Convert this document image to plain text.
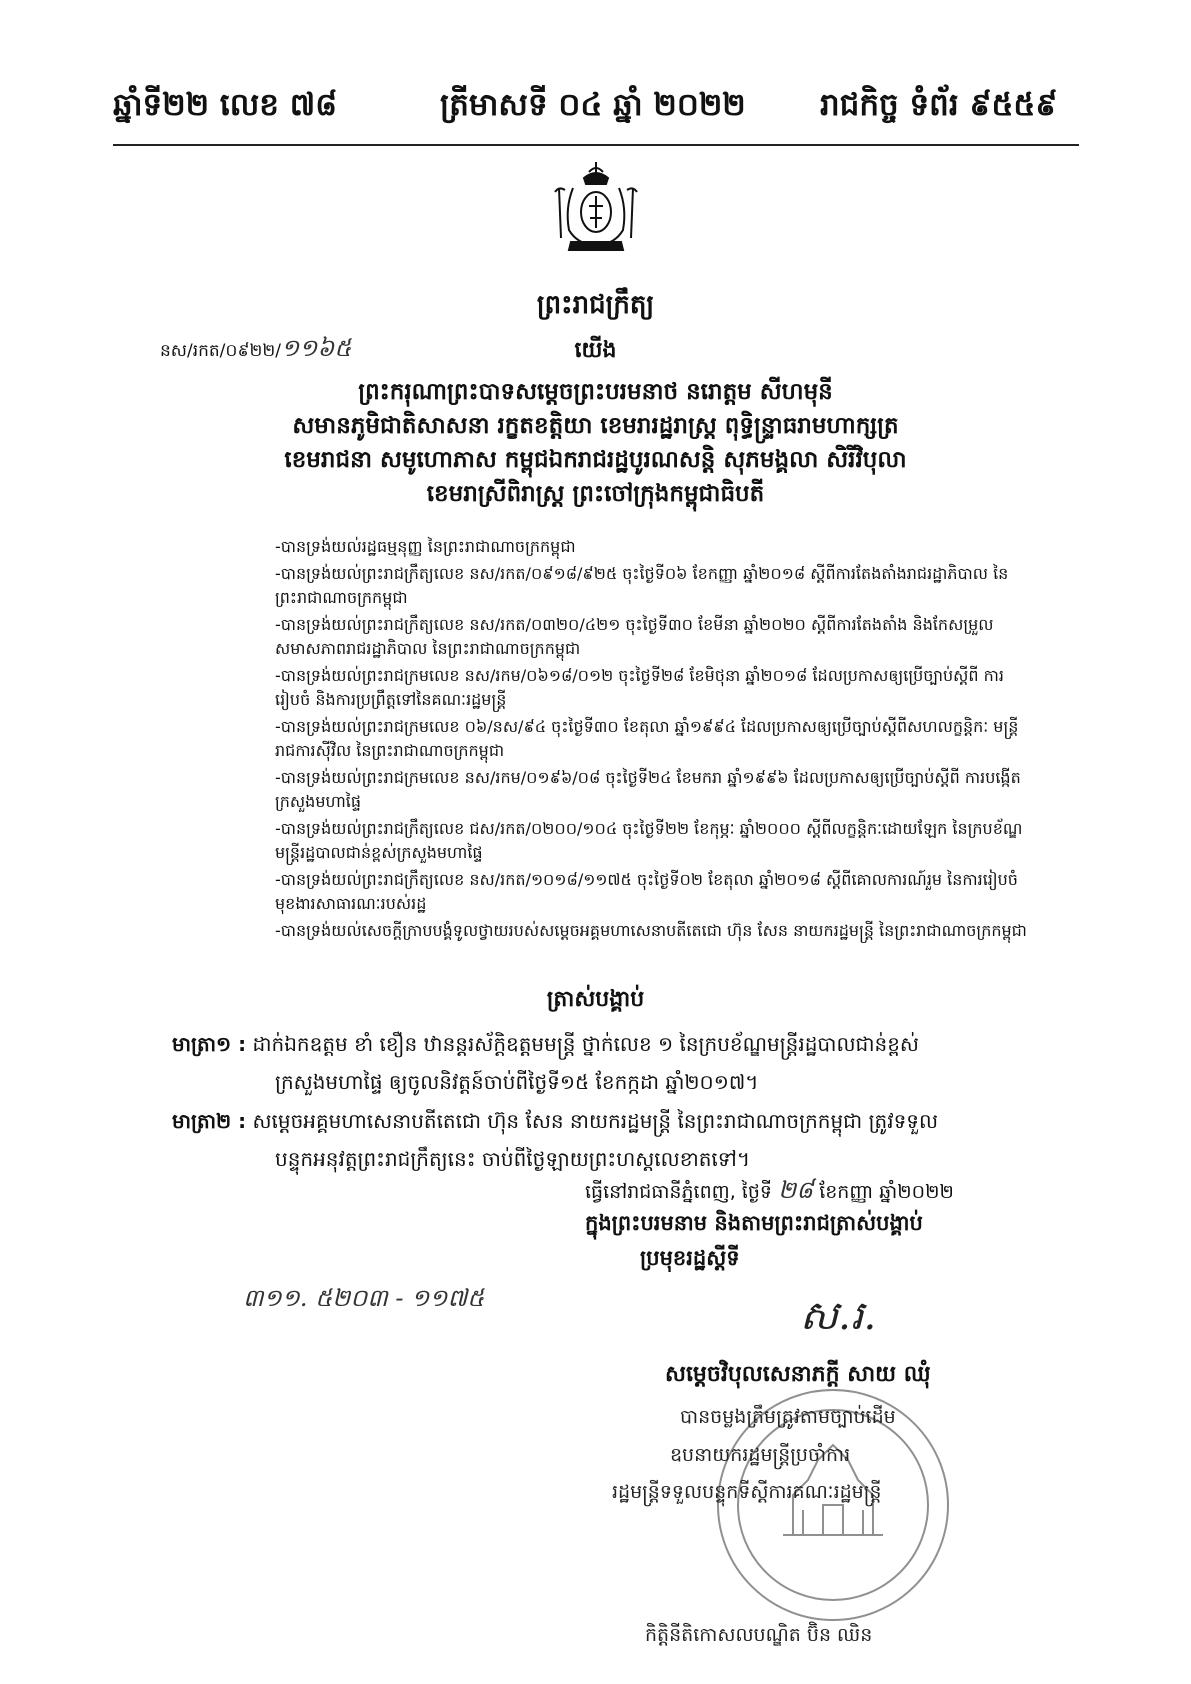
ឆ្នាំទី២២ លេខ ៧៨	ត្រីមាសទី ០៤ ឆ្នាំ ២០២២ រាជកិច្ច ទំព័រ ៩៥៥៩
ព្រះរាជក្រឹត្យ
នស/រកត/០៩២២/១១៦៥	យើង
ព្រះករុណាព្រះបាទសម្តេចព្រះបរមនាថ នរោត្តម សីហមុនី
សមានភូមិជាតិសាសនា រក្ខតខត្តិយា ខេមរារដ្ឋរាស្ត្រ ពុទ្ធិន្ទ្រាធរាមហាក្សត្រ
ខេមរាជនា សមូហោភាស កម្ពុជឯករាជរដ្ឋបូរណសន្តិ សុភមង្គលា សិរីវិបុលា
ខេមរាស្រីពិរាស្ត្រ ព្រះចៅក្រុងកម្ពុជាធិបតី
-បានទ្រង់យល់រដ្ឋធម្មនុញ្ញ នៃព្រះរាជាណាចក្រកម្ពុជា
-បានទ្រង់យល់ព្រះរាជក្រឹត្យលេខ នស/រកត/០៩១៨/៩២៥ ចុះថ្ងៃទី០៦ ខែកញ្ញា ឆ្នាំ២០១៨ ស្តីពីការតែងតាំងរាជរដ្ឋាភិបាល នៃព្រះរាជាណាចក្រកម្ពុជា
-បានទ្រង់យល់ព្រះរាជក្រឹត្យលេខ នស/រកត/០៣២០/៤២១ ចុះថ្ងៃទី៣០ ខែមីនា ឆ្នាំ២០២០ ស្តីពីការតែងតាំង និងកែសម្រួល សមាសភាពរាជរដ្ឋាភិបាល នៃព្រះរាជាណាចក្រកម្ពុជា
-បានទ្រង់យល់ព្រះរាជក្រមលេខ នស/រកម/០៦១៨/០១២ ចុះថ្ងៃទី២៨ ខែមិថុនា ឆ្នាំ២០១៨ ដែលប្រកាសឲ្យប្រើច្បាប់ស្តីពី ការរៀបចំ និងការប្រព្រឹត្តទៅនៃគណៈរដ្ឋមន្ត្រី
-បានទ្រង់យល់ព្រះរាជក្រមលេខ ០៦/នស/៩៤ ចុះថ្ងៃទី៣០ ខែតុលា ឆ្នាំ១៩៩៤ ដែលប្រកាសឲ្យប្រើច្បាប់ស្តីពីសហលក្ខន្តិកៈ មន្ត្រីរាជការស៊ីវិល នៃព្រះរាជាណាចក្រកម្ពុជា
-បានទ្រង់យល់ព្រះរាជក្រមលេខ នស/រកម/០១៩៦/០៨ ចុះថ្ងៃទី២៤ ខែមករា ឆ្នាំ១៩៩៦ ដែលប្រកាសឲ្យប្រើច្បាប់ស្តីពី ការបង្កើតក្រសួងមហាផ្ទៃ
-បានទ្រង់យល់ព្រះរាជក្រឹត្យលេខ ជស/រកត/០២០០/១០៤ ចុះថ្ងៃទី២២ ខែកុម្ភៈ ឆ្នាំ២០០០ ស្តីពីលក្ខន្តិកៈដោយឡែក នៃក្របខ័ណ្ឌ មន្ត្រីរដ្ឋបាលជាន់ខ្ពស់ក្រសួងមហាផ្ទៃ
-បានទ្រង់យល់ព្រះរាជក្រឹត្យលេខ នស/រកត/១០១៨/១១៧៥ ចុះថ្ងៃទី០២ ខែតុលា ឆ្នាំ២០១៨ ស្តីពីគោលការណ៍រួម នៃការរៀបចំ មុខងារសាធារណៈរបស់រដ្ឋ
-បានទ្រង់យល់សេចក្តីក្រាបបង្គំទូលថ្វាយរបស់សម្តេចអគ្គមហាសេនាបតីតេជោ ហ៊ុន សែន នាយករដ្ឋមន្ត្រី នៃព្រះរាជាណាចក្រកម្ពុជា
ត្រាស់បង្គាប់
មាត្រា១ : ដាក់ឯកឧត្តម ខាំ ខឿន ឋានន្តរស័ក្តិឧត្តមមន្ត្រី ថ្នាក់លេខ ១ នៃក្របខ័ណ្ឌមន្ត្រីរដ្ឋបាលជាន់ខ្ពស់
ក្រសួងមហាផ្ទៃ ឲ្យចូលនិវត្តន៍ចាប់ពីថ្ងៃទី១៥ ខែកក្កដា ឆ្នាំ២០១៧។
មាត្រា២ : សម្តេចអគ្គមហាសេនាបតីតេជោ ហ៊ុន សែន នាយករដ្ឋមន្ត្រី នៃព្រះរាជាណាចក្រកម្ពុជា ត្រូវទទួល
បន្ទុកអនុវត្តព្រះរាជក្រឹត្យនេះ ចាប់ពីថ្ងៃឡាយព្រះហស្តលេខាតទៅ។
ធ្វើនៅរាជធានីភ្នំពេញ, ថ្ងៃទី ២៨ ខែកញ្ញា ឆ្នាំ២០២២
ក្នុងព្រះបរមនាម និងតាមព្រះរាជត្រាស់បង្គាប់
ប្រមុខរដ្ឋស្តីទី
៣១១. ៥២០៣ - ១១៧៥	ស.រ.
សម្តេចវិបុលសេនាភក្តី សាយ ឈុំ
បានចម្លងត្រឹមត្រូវតាមច្បាប់ដើម
ឧបនាយករដ្ឋមន្ត្រីប្រចាំការ
រដ្ឋមន្ត្រីទទួលបន្ទុកទីស្តីការគណៈរដ្ឋមន្ត្រី
កិត្តិនីតិកោសលបណ្ឌិត ប៊ិន ឈិន
